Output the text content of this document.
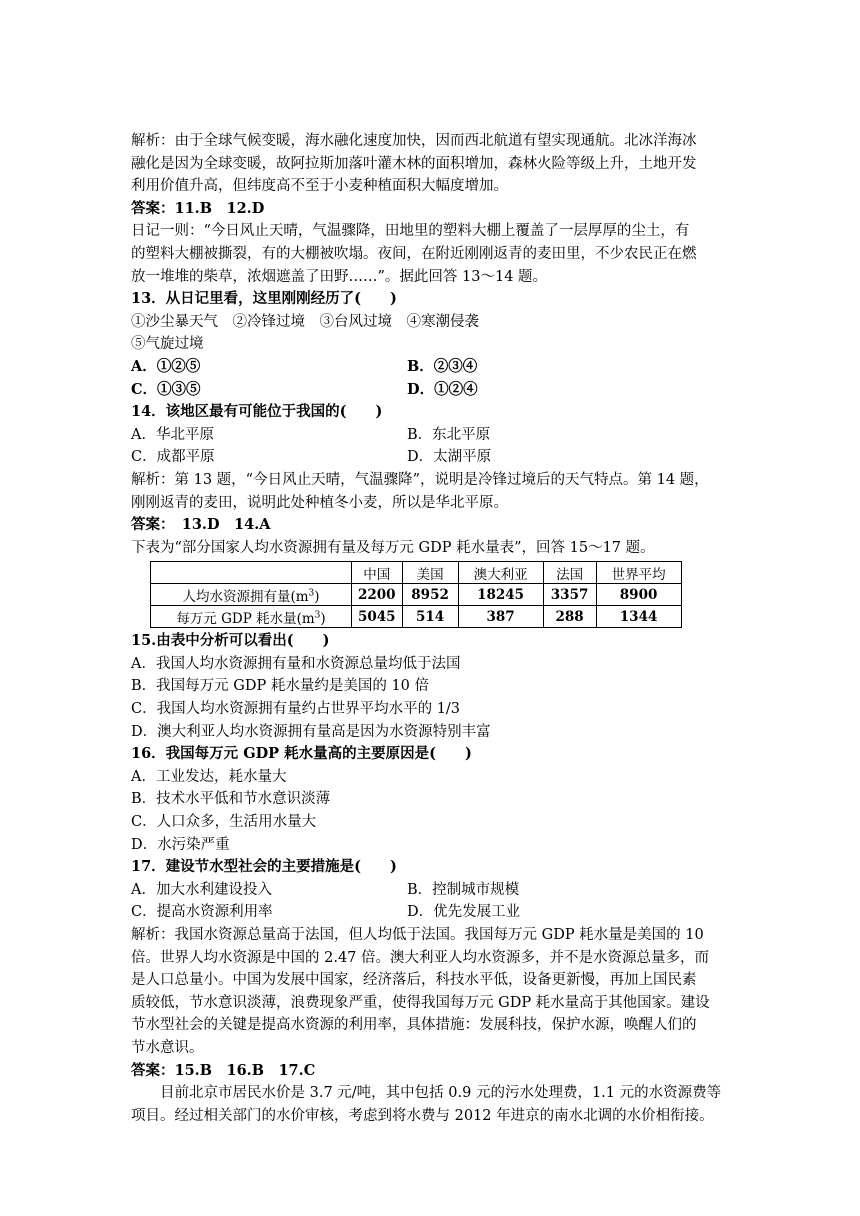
解析：由于全球气候变暖，海水融化速度加快，因而西北航道有望实现通航。北冰洋海冰
融化是因为全球变暖，故阿拉斯加落叶灌木林的面积增加，森林火险等级上升，土地开发
利用价值升高，但纬度高不至于小麦种植面积大幅度增加。
答案：11.B　12.D
日记一则：“今日风止天晴，气温骤降，田地里的塑料大棚上覆盖了一层厚厚的尘土，有
的塑料大棚被撕裂，有的大棚被吹塌。夜间，在附近刚刚返青的麦田里，不少农民正在燃
放一堆堆的柴草，浓烟遮盖了田野……”。据此回答 13～14 题。
13．从日记里看，这里刚刚经历了(　　)
①沙尘暴天气　②冷锋过境　③台风过境　④寒潮侵袭
⑤气旋过境
A．①②⑤	B．②③④
C．①③⑤	D．①②④
14．该地区最有可能位于我国的(　　)
A．华北平原	B．东北平原
C．成都平原	D．太湖平原
解析：第 13 题，“今日风止天晴，气温骤降”，说明是冷锋过境后的天气特点。第 14 题，
刚刚返青的麦田，说明此处种植冬小麦，所以是华北平原。
答案：　13.D　14.A
下表为“部分国家人均水资源拥有量及每万元 GDP 耗水量表”，回答 15～17 题。
	中国	美国	澳大利亚	法国	世界平均
人均水资源拥有量$(m^3)$	2200	8952	18245	3357	8900
每万元 GDP 耗水量$(m^3)$	5045	514	387	288	1344
15.由表中分析可以看出(　　)
A．我国人均水资源拥有量和水资源总量均低于法国
B．我国每万元 GDP 耗水量约是美国的 10 倍
C．我国人均水资源拥有量约占世界平均水平的 1/3
D．澳大利亚人均水资源拥有量高是因为水资源特别丰富
16．我国每万元 GDP 耗水量高的主要原因是(　　)
A．工业发达，耗水量大
B．技术水平低和节水意识淡薄
C．人口众多，生活用水量大
D．水污染严重
17．建设节水型社会的主要措施是(　　)
A．加大水利建设投入	B．控制城市规模
C．提高水资源利用率	D．优先发展工业
解析：我国水资源总量高于法国，但人均低于法国。我国每万元 GDP 耗水量是美国的 10
倍。世界人均水资源是中国的 2.47 倍。澳大利亚人均水资源多，并不是水资源总量多，而
是人口总量小。中国为发展中国家，经济落后，科技水平低，设备更新慢，再加上国民素
质较低，节水意识淡薄，浪费现象严重，使得我国每万元 GDP 耗水量高于其他国家。建设
节水型社会的关键是提高水资源的利用率，具体措施：发展科技，保护水源，唤醒人们的
节水意识。
答案：15.B　16.B　17.C
目前北京市居民水价是 3.7 元/吨，其中包括 0.9 元的污水处理费，1.1 元的水资源费等
项目。经过相关部门的水价审核，考虑到将水费与 2012 年进京的南水北调的水价相衔接。
